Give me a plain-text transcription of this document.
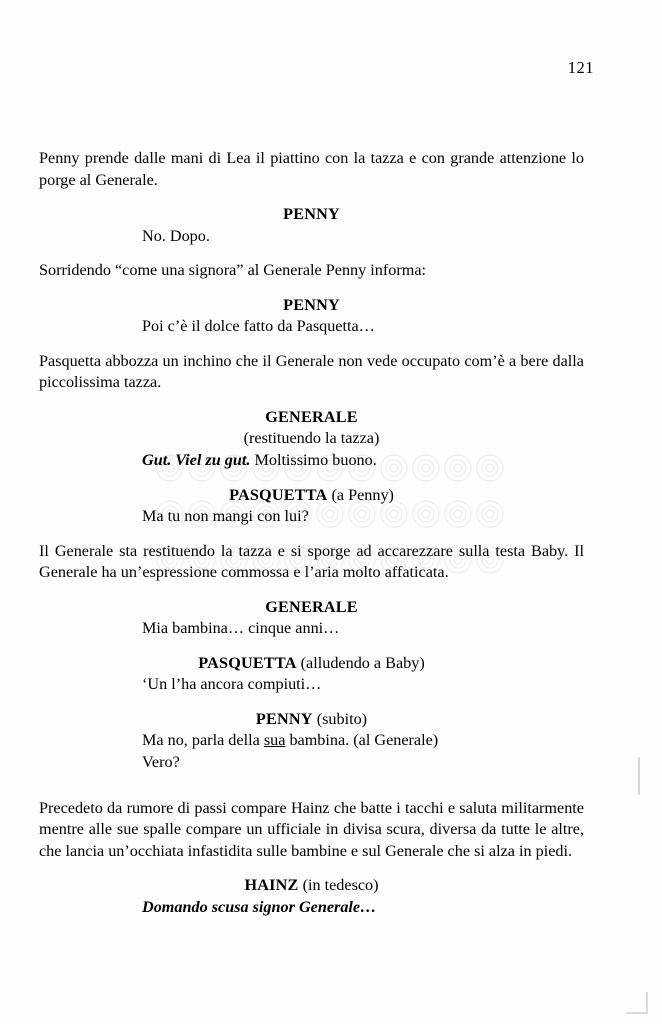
121

Penny prende dalle mani di Lea il piattino con la tazza e con grande attenzione lo porge al Generale.

PENNY

No. Dopo.

Sorridendo “come una signora” al Generale Penny informa:

PENNY

Poi c’è il dolce fatto da Pasquetta…

Pasquetta abbozza un inchino che il Generale non vede occupato com’è a bere dalla piccolissima tazza.

GENERALE

(restituendo la tazza)

Gut. Viel zu gut. Moltissimo buono.

PASQUETTA (a Penny)

Ma tu non mangi con lui?

Il Generale sta restituendo la tazza e si sporge ad accarezzare sulla testa Baby. Il Generale ha un’espressione commossa e l’aria molto affaticata.

GENERALE

Mia bambina… cinque anni…

PASQUETTA (alludendo a Baby)

‘Un l’ha ancora compiuti…

PENNY (subito)

Ma no, parla della sua bambina. (al Generale) Vero?

Precedeto da rumore di passi compare Hainz che batte i tacchi e saluta militarmente mentre alle sue spalle compare un ufficiale in divisa scura, diversa da tutte le altre, che lancia un’occhiata infastidita sulle bambine e sul Generale che si alza in piedi.

HAINZ (in tedesco)

Domando scusa signor Generale…
